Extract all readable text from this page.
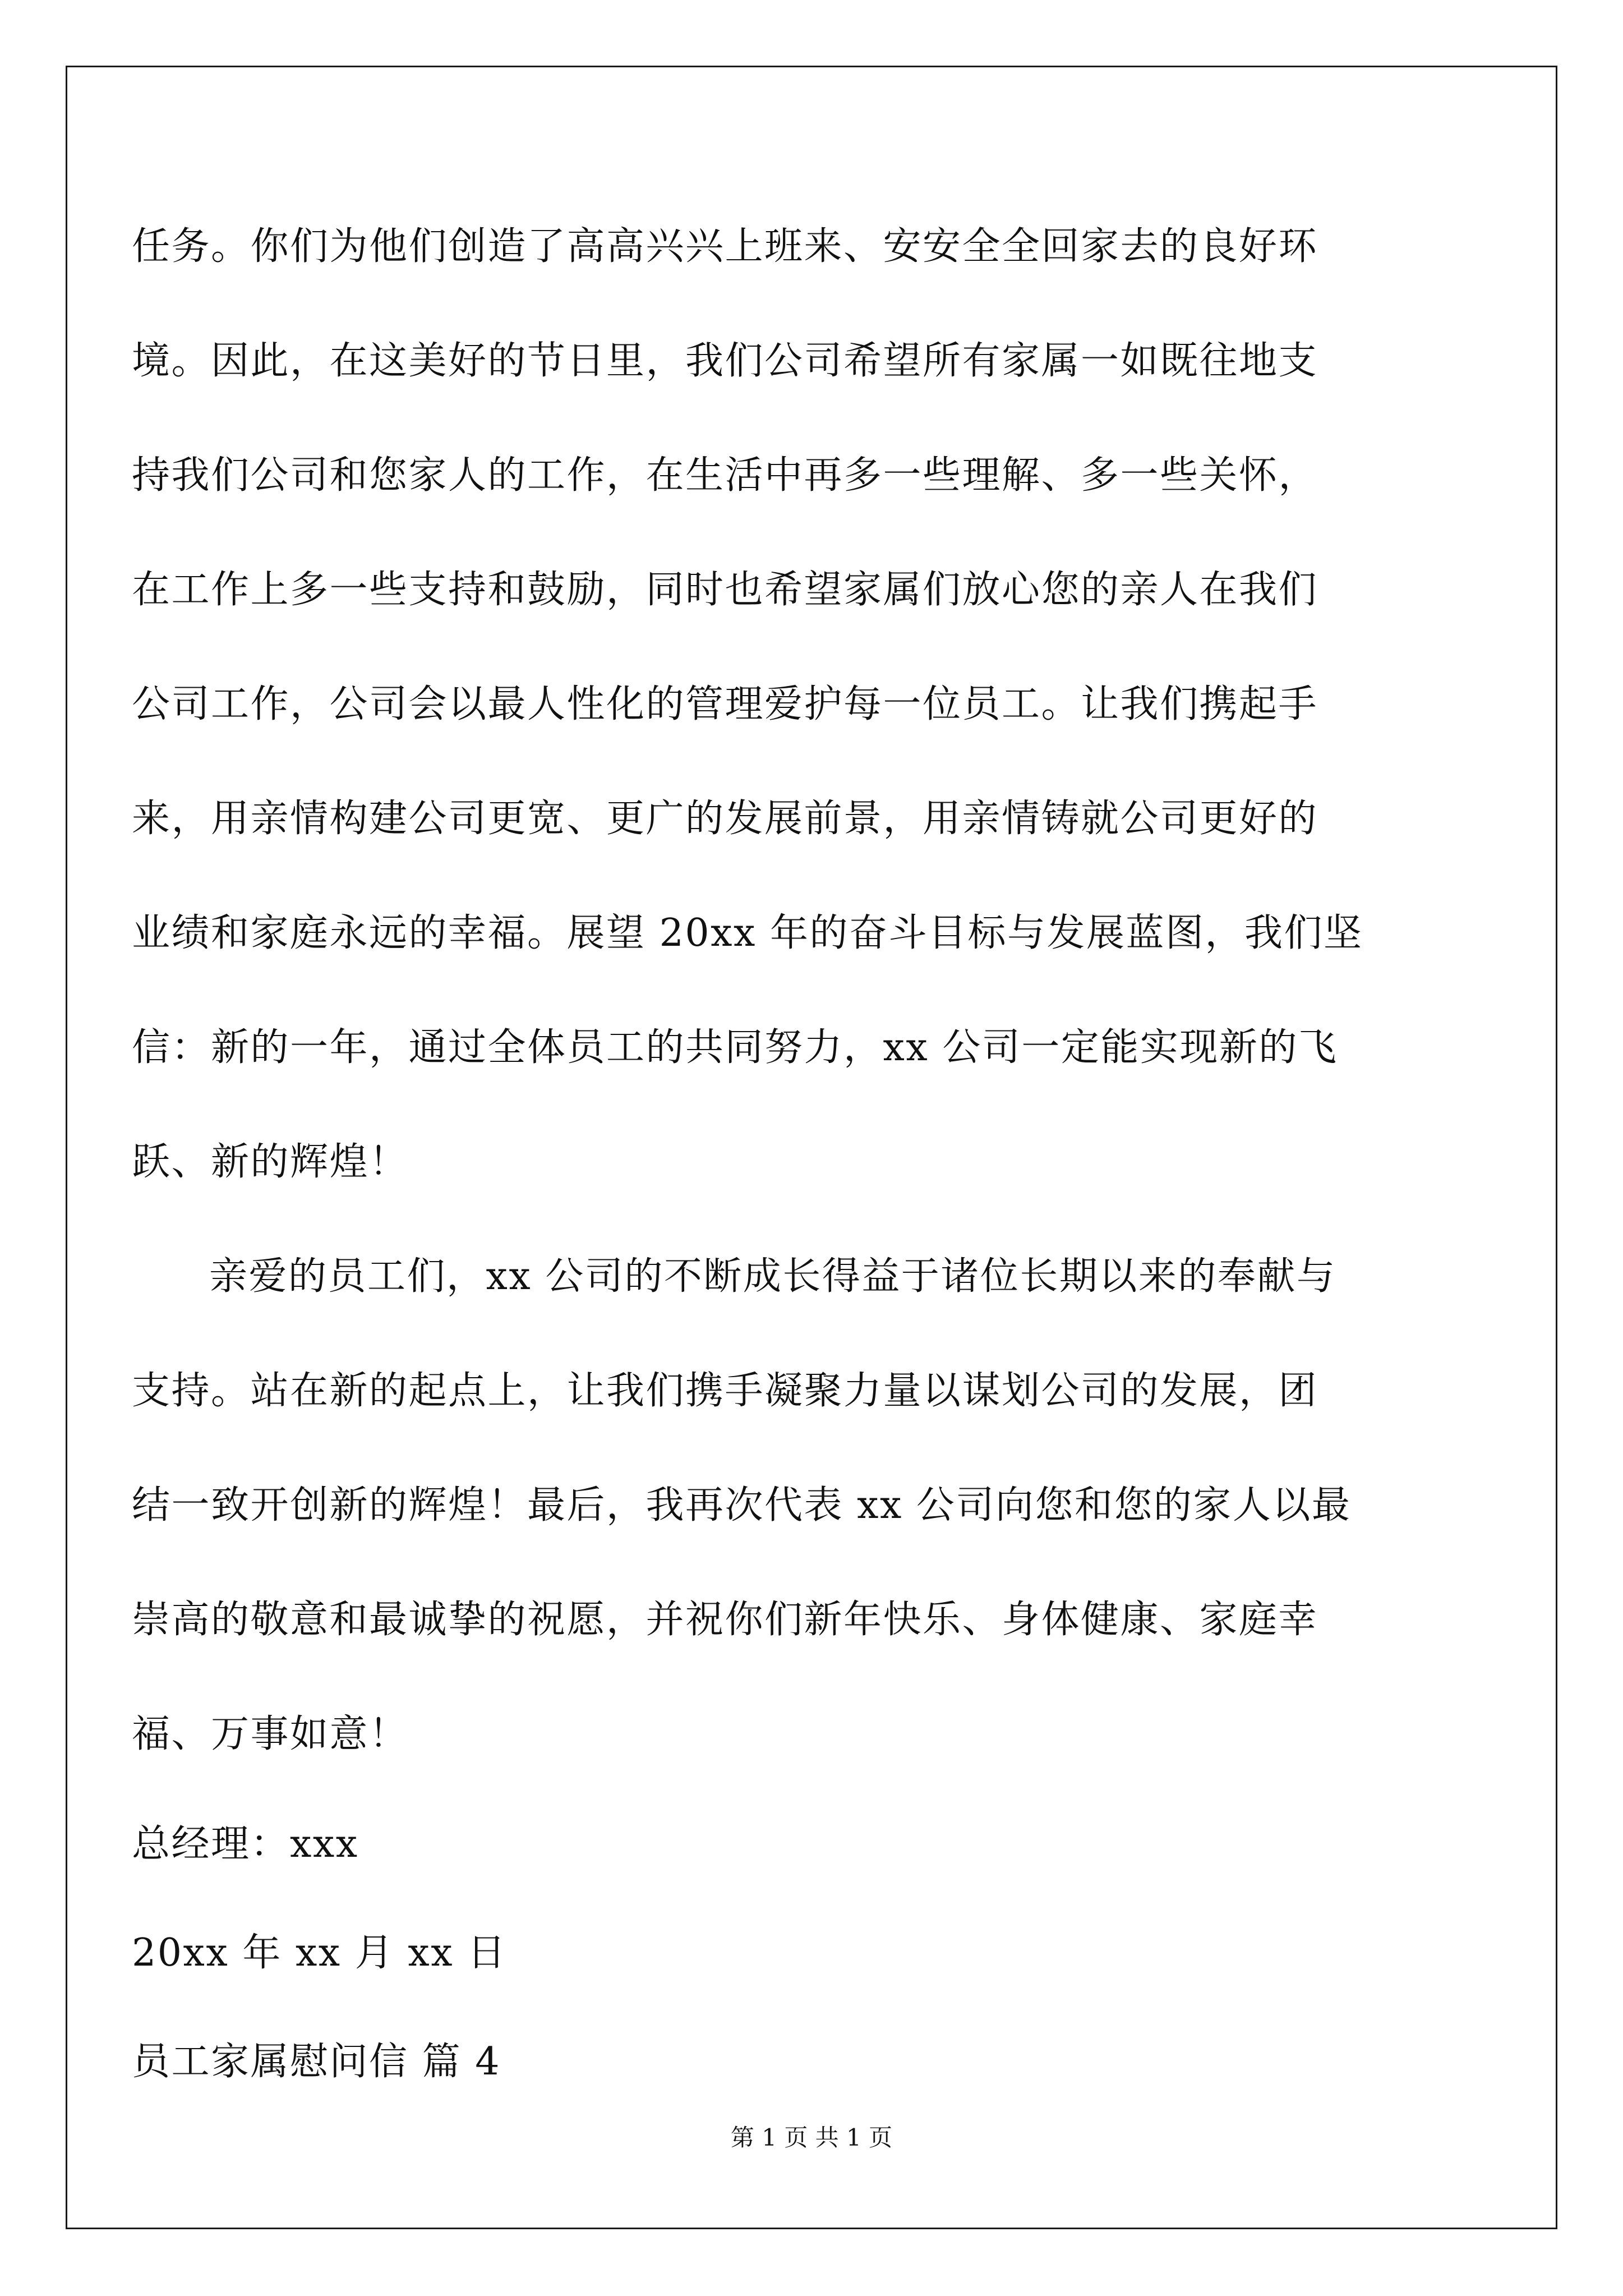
任务。你们为他们创造了高高兴兴上班来、安安全全回家去的良好环
境。因此，在这美好的节日里，我们公司希望所有家属一如既往地支
持我们公司和您家人的工作，在生活中再多一些理解、多一些关怀，
在工作上多一些支持和鼓励，同时也希望家属们放心您的亲人在我们
公司工作，公司会以最人性化的管理爱护每一位员工。让我们携起手
来，用亲情构建公司更宽、更广的发展前景，用亲情铸就公司更好的
业绩和家庭永远的幸福。展望 20xx 年的奋斗目标与发展蓝图，我们坚
信：新的一年，通过全体员工的共同努力，xx 公司一定能实现新的飞
跃、新的辉煌！
亲爱的员工们，xx 公司的不断成长得益于诸位长期以来的奉献与
支持。站在新的起点上，让我们携手凝聚力量以谋划公司的发展，团
结一致开创新的辉煌！最后，我再次代表 xx 公司向您和您的家人以最
崇高的敬意和最诚挚的祝愿，并祝你们新年快乐、身体健康、家庭幸
福、万事如意！
总经理：xxx
20xx 年 xx 月 xx 日
员工家属慰问信 篇 4
第 1 页 共 1 页
